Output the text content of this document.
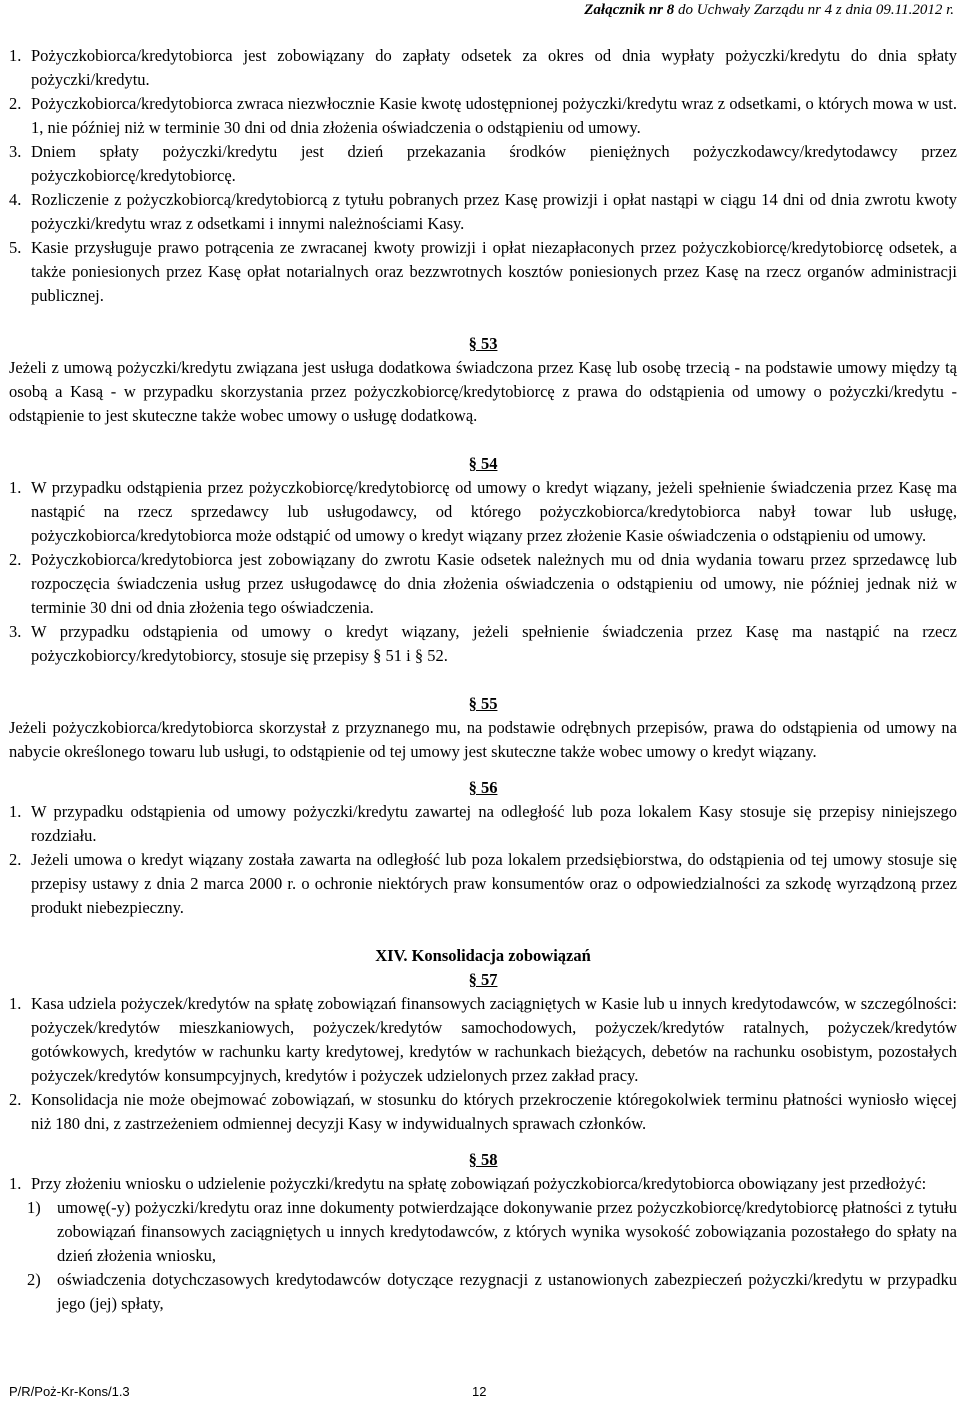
Załącznik nr 8 do Uchwały Zarządu nr 4 z dnia 09.11.2012 r.
1. Pożyczkobiorca/kredytobiorca jest zobowiązany do zapłaty odsetek za okres od dnia wypłaty pożyczki/kredytu do dnia spłaty pożyczki/kredytu.
2. Pożyczkobiorca/kredytobiorca zwraca niezwłocznie Kasie kwotę udostępnionej pożyczki/kredytu wraz z odsetkami, o których mowa w ust. 1, nie później niż w terminie 30 dni od dnia złożenia oświadczenia o odstąpieniu od umowy.
3. Dniem spłaty pożyczki/kredytu jest dzień przekazania środków pieniężnych pożyczkodawcy/kredytodawcy przez pożyczkobiorcę/kredytobiorcę.
4. Rozliczenie z pożyczkobiorcą/kredytobiorcą z tytułu pobranych przez Kasę prowizji i opłat nastąpi w ciągu 14 dni od dnia zwrotu kwoty pożyczki/kredytu wraz z odsetkami i innymi należnościami Kasy.
5. Kasie przysługuje prawo potrącenia ze zwracanej kwoty prowizji i opłat niezapłaconych przez pożyczkobiorcę/kredytobiorcę odsetek, a także poniesionych przez Kasę opłat notarialnych oraz bezzwrotnych kosztów poniesionych przez Kasę na rzecz organów administracji publicznej.
§ 53
Jeżeli z umową pożyczki/kredytu związana jest usługa dodatkowa świadczona przez Kasę lub osobę trzecią - na podstawie umowy między tą osobą a Kasą - w przypadku skorzystania przez pożyczkobiorcę/kredytobiorcę z prawa do odstąpienia od umowy o pożyczki/kredytu - odstąpienie to jest skuteczne także wobec umowy o usługę dodatkową.
§ 54
1. W przypadku odstąpienia przez pożyczkobiorcę/kredytobiorcę od umowy o kredyt wiązany, jeżeli spełnienie świadczenia przez Kasę ma nastąpić na rzecz sprzedawcy lub usługodawcy, od którego pożyczkobiorca/kredytobiorca nabył towar lub usługę, pożyczkobiorca/kredytobiorca może odstąpić od umowy o kredyt wiązany przez złożenie Kasie oświadczenia o odstąpieniu od umowy.
2. Pożyczkobiorca/kredytobiorca jest zobowiązany do zwrotu Kasie odsetek należnych mu od dnia wydania towaru przez sprzedawcę lub rozpoczęcia świadczenia usług przez usługodawcę do dnia złożenia oświadczenia o odstąpieniu od umowy, nie później jednak niż w terminie 30 dni od dnia złożenia tego oświadczenia.
3. W przypadku odstąpienia od umowy o kredyt wiązany, jeżeli spełnienie świadczenia przez Kasę ma nastąpić na rzecz pożyczkobiorcy/kredytobiorcy, stosuje się przepisy § 51 i § 52.
§ 55
Jeżeli pożyczkobiorca/kredytobiorca skorzystał z przyznanego mu, na podstawie odrębnych przepisów, prawa do odstąpienia od umowy na nabycie określonego towaru lub usługi, to odstąpienie od tej umowy jest skuteczne także wobec umowy o kredyt wiązany.
§ 56
1. W przypadku odstąpienia od umowy pożyczki/kredytu zawartej na odległość lub poza lokalem Kasy stosuje się przepisy niniejszego rozdziału.
2. Jeżeli umowa o kredyt wiązany została zawarta na odległość lub poza lokalem przedsiębiorstwa, do odstąpienia od tej umowy stosuje się przepisy ustawy z dnia 2 marca 2000 r. o ochronie niektórych praw konsumentów oraz o odpowiedzialności za szkodę wyrządzoną przez produkt niebezpieczny.
XIV. Konsolidacja zobowiązań
§ 57
1. Kasa udziela pożyczek/kredytów na spłatę zobowiązań finansowych zaciągniętych w Kasie lub u innych kredytodawców, w szczególności: pożyczek/kredytów mieszkaniowych, pożyczek/kredytów samochodowych, pożyczek/kredytów ratalnych, pożyczek/kredytów gotówkowych, kredytów w rachunku karty kredytowej, kredytów w rachunkach bieżących, debetów na rachunku osobistym, pozostałych pożyczek/kredytów konsumpcyjnych, kredytów i pożyczek udzielonych przez zakład pracy.
2. Konsolidacja nie może obejmować zobowiązań, w stosunku do których przekroczenie któregokolwiek terminu płatności wyniosło więcej niż 180 dni, z zastrzeżeniem odmiennej decyzji Kasy w indywidualnych sprawach członków.
§ 58
1. Przy złożeniu wniosku o udzielenie pożyczki/kredytu na spłatę zobowiązań pożyczkobiorca/kredytobiorca obowiązany jest przedłożyć:
1) umowę(-y) pożyczki/kredytu oraz inne dokumenty potwierdzające dokonywanie przez pożyczkobiorcę/kredytobiorcę płatności z tytułu zobowiązań finansowych zaciągniętych u innych kredytodawców, z których wynika wysokość zobowiązania pozostałego do spłaty na dzień złożenia wniosku,
2) oświadczenia dotychczasowych kredytodawców dotyczące rezygnacji z ustanowionych zabezpieczeń pożyczki/kredytu w przypadku jego (jej) spłaty,
P/R/Poż-Kr-Kons/1.3	12
